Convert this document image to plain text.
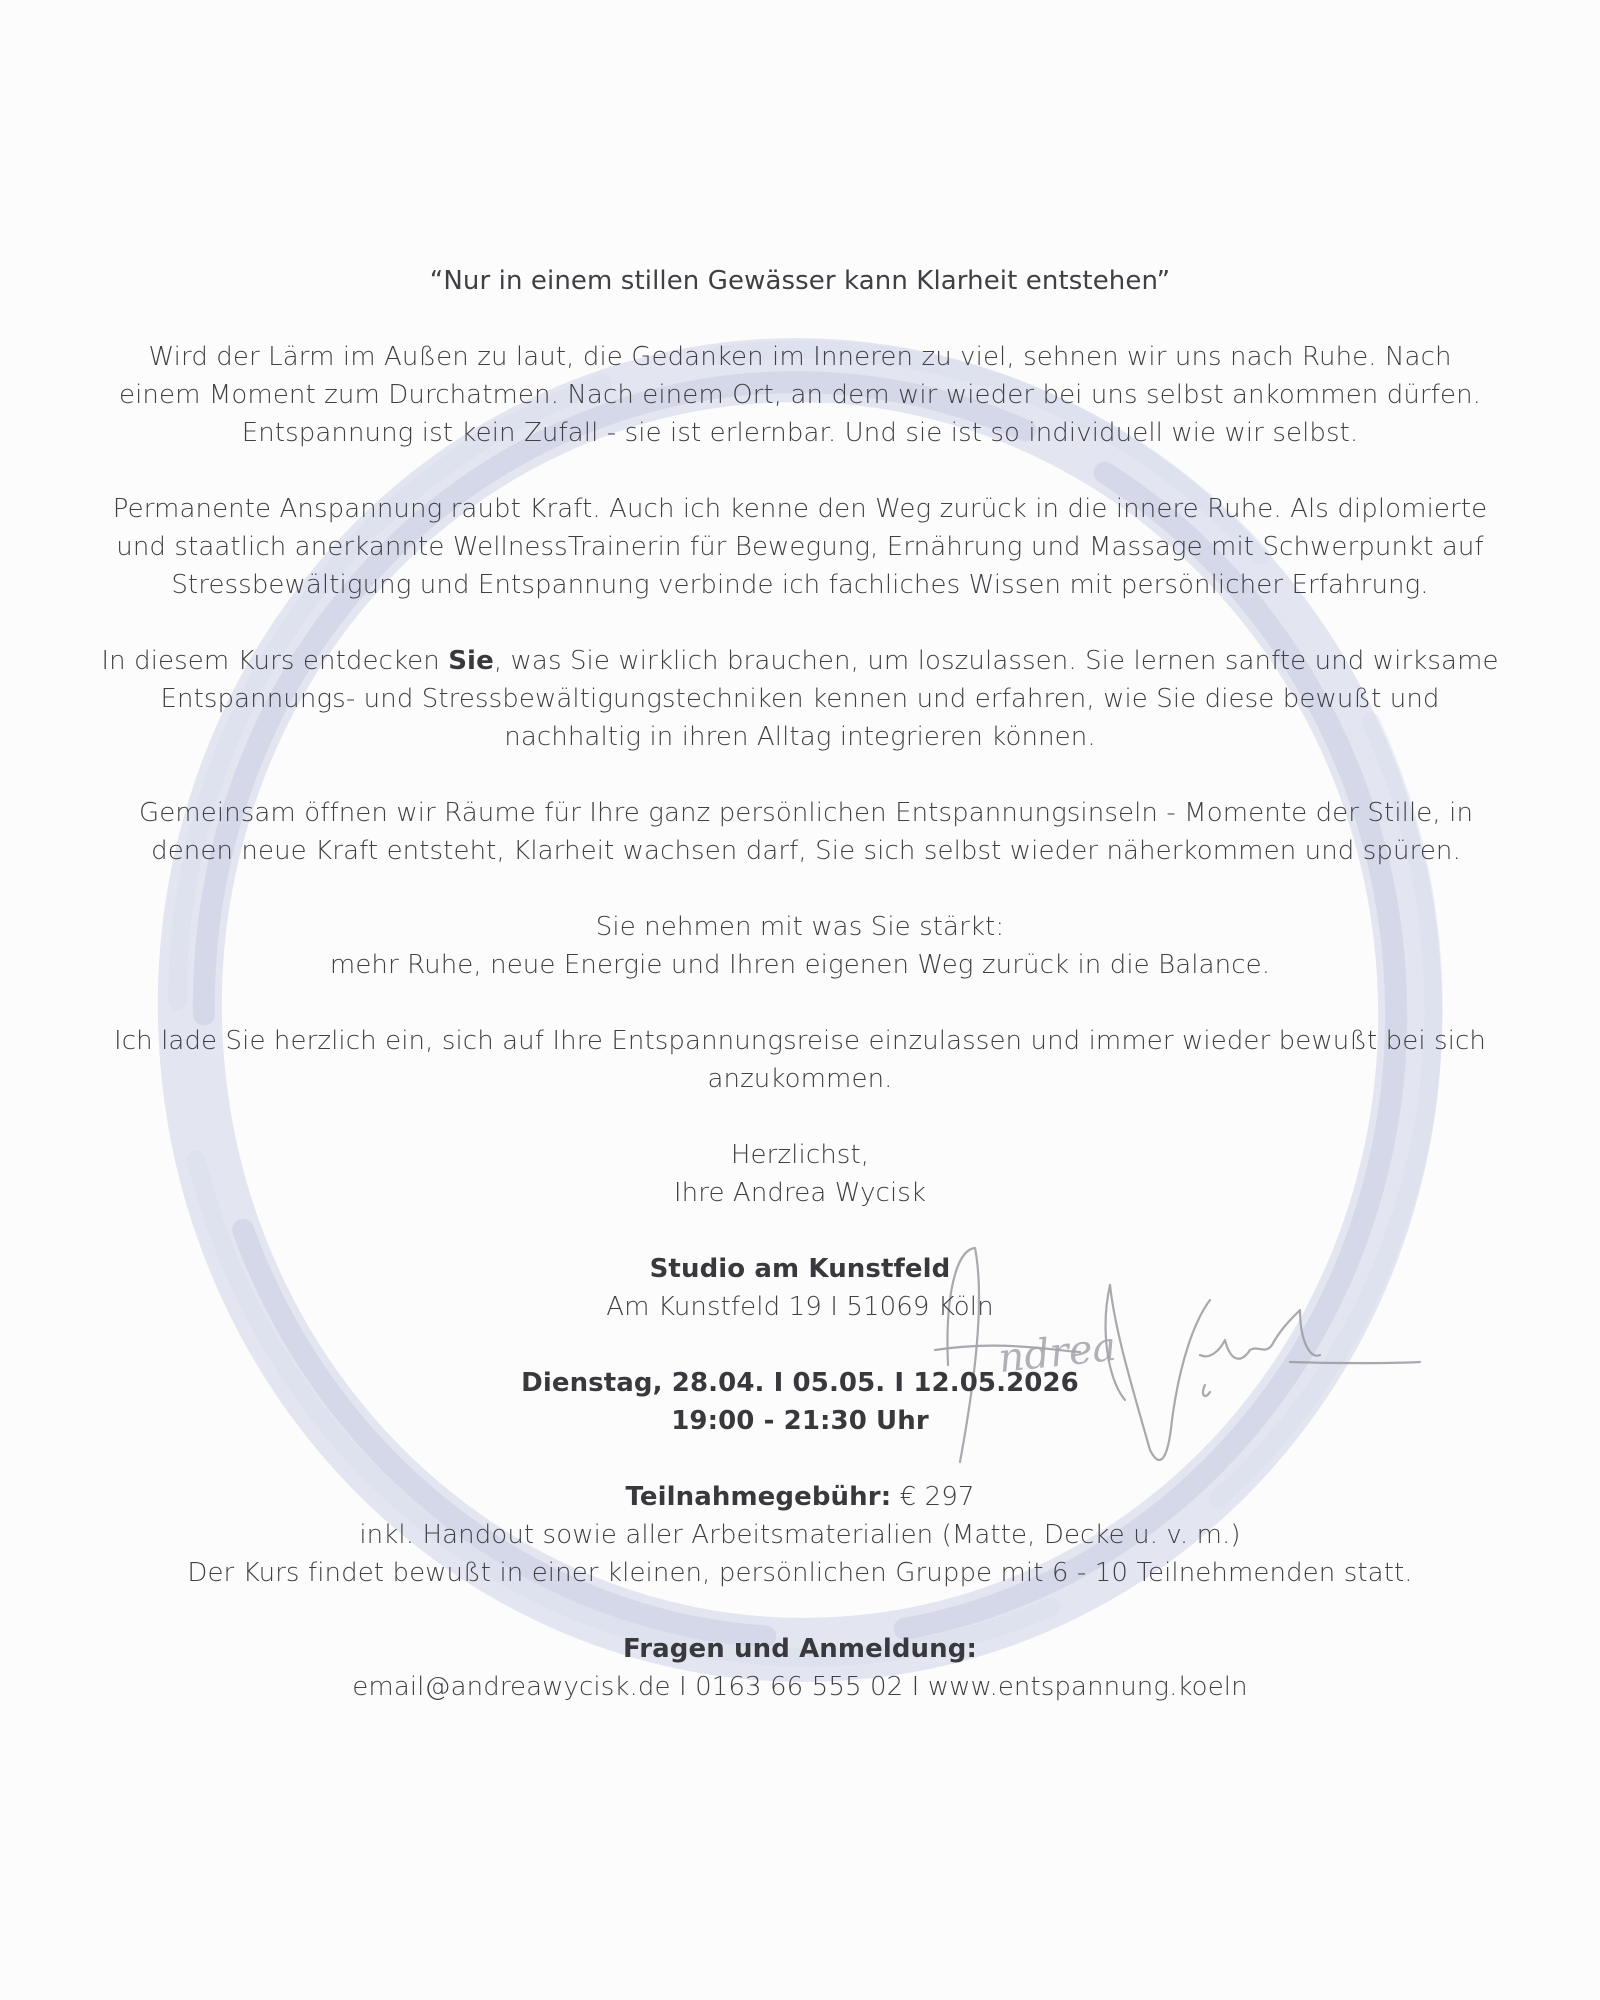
ndrea

“Nur in einem stillen Gewässer kann Klarheit entstehen”

Wird der Lärm im Außen zu laut, die Gedanken im Inneren zu viel, sehnen wir uns nach Ruhe. Nach

einem Moment zum Durchatmen. Nach einem Ort, an dem wir wieder bei uns selbst ankommen dürfen.

Entspannung ist kein Zufall - sie ist erlernbar. Und sie ist so individuell wie wir selbst.

Permanente Anspannung raubt Kraft. Auch ich kenne den Weg zurück in die innere Ruhe. Als diplomierte

und staatlich anerkannte WellnessTrainerin für Bewegung, Ernährung und Massage mit Schwerpunkt auf

Stressbewältigung und Entspannung verbinde ich fachliches Wissen mit persönlicher Erfahrung.

In diesem Kurs entdecken Sie, was Sie wirklich brauchen, um loszulassen. Sie lernen sanfte und wirksame

Entspannungs- und Stressbewältigungstechniken kennen und erfahren, wie Sie diese bewußt und

nachhaltig in ihren Alltag integrieren können.

Gemeinsam öffnen wir Räume für Ihre ganz persönlichen Entspannungsinseln - Momente der Stille, in

denen neue Kraft entsteht, Klarheit wachsen darf, Sie sich selbst wieder näherkommen und spüren.

Sie nehmen mit was Sie stärkt:

mehr Ruhe, neue Energie und Ihren eigenen Weg zurück in die Balance.

Ich lade Sie herzlich ein, sich auf Ihre Entspannungsreise einzulassen und immer wieder bewußt bei sich

anzukommen.

Herzlichst,

Ihre Andrea Wycisk

Studio am Kunstfeld

Am Kunstfeld 19 I 51069 Köln

Dienstag, 28.04. I 05.05. I 12.05.2026

19:00 - 21:30 Uhr

Teilnahmegebühr: € 297

inkl. Handout sowie aller Arbeitsmaterialien (Matte, Decke u. v. m.)

Der Kurs findet bewußt in einer kleinen, persönlichen Gruppe mit 6 - 10 Teilnehmenden statt.

Fragen und Anmeldung:

email@andreawycisk.de I 0163 66 555 02 I www.entspannung.koeln
